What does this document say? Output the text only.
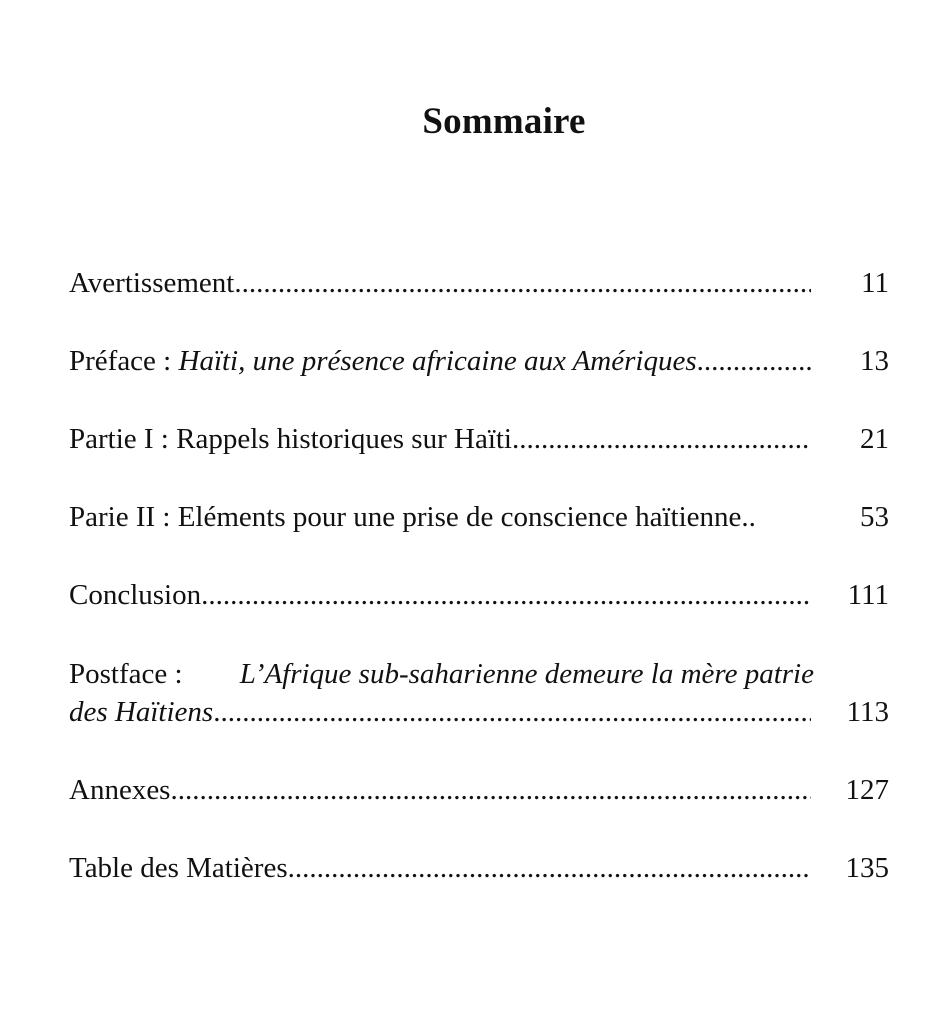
Sommaire
Avertissement .....	11
Préface : Haïti, une présence africaine aux Amériques .....	13
Partie I : Rappels historiques sur Haïti .....	21
Parie II : Eléments pour une prise de conscience haïtienne..	53
Conclusion .....	111
Postface : L’Afrique sub-saharienne demeure la mère patrie
des Haïtiens .....	113
Annexes .....	127
Table des Matières .....	135
